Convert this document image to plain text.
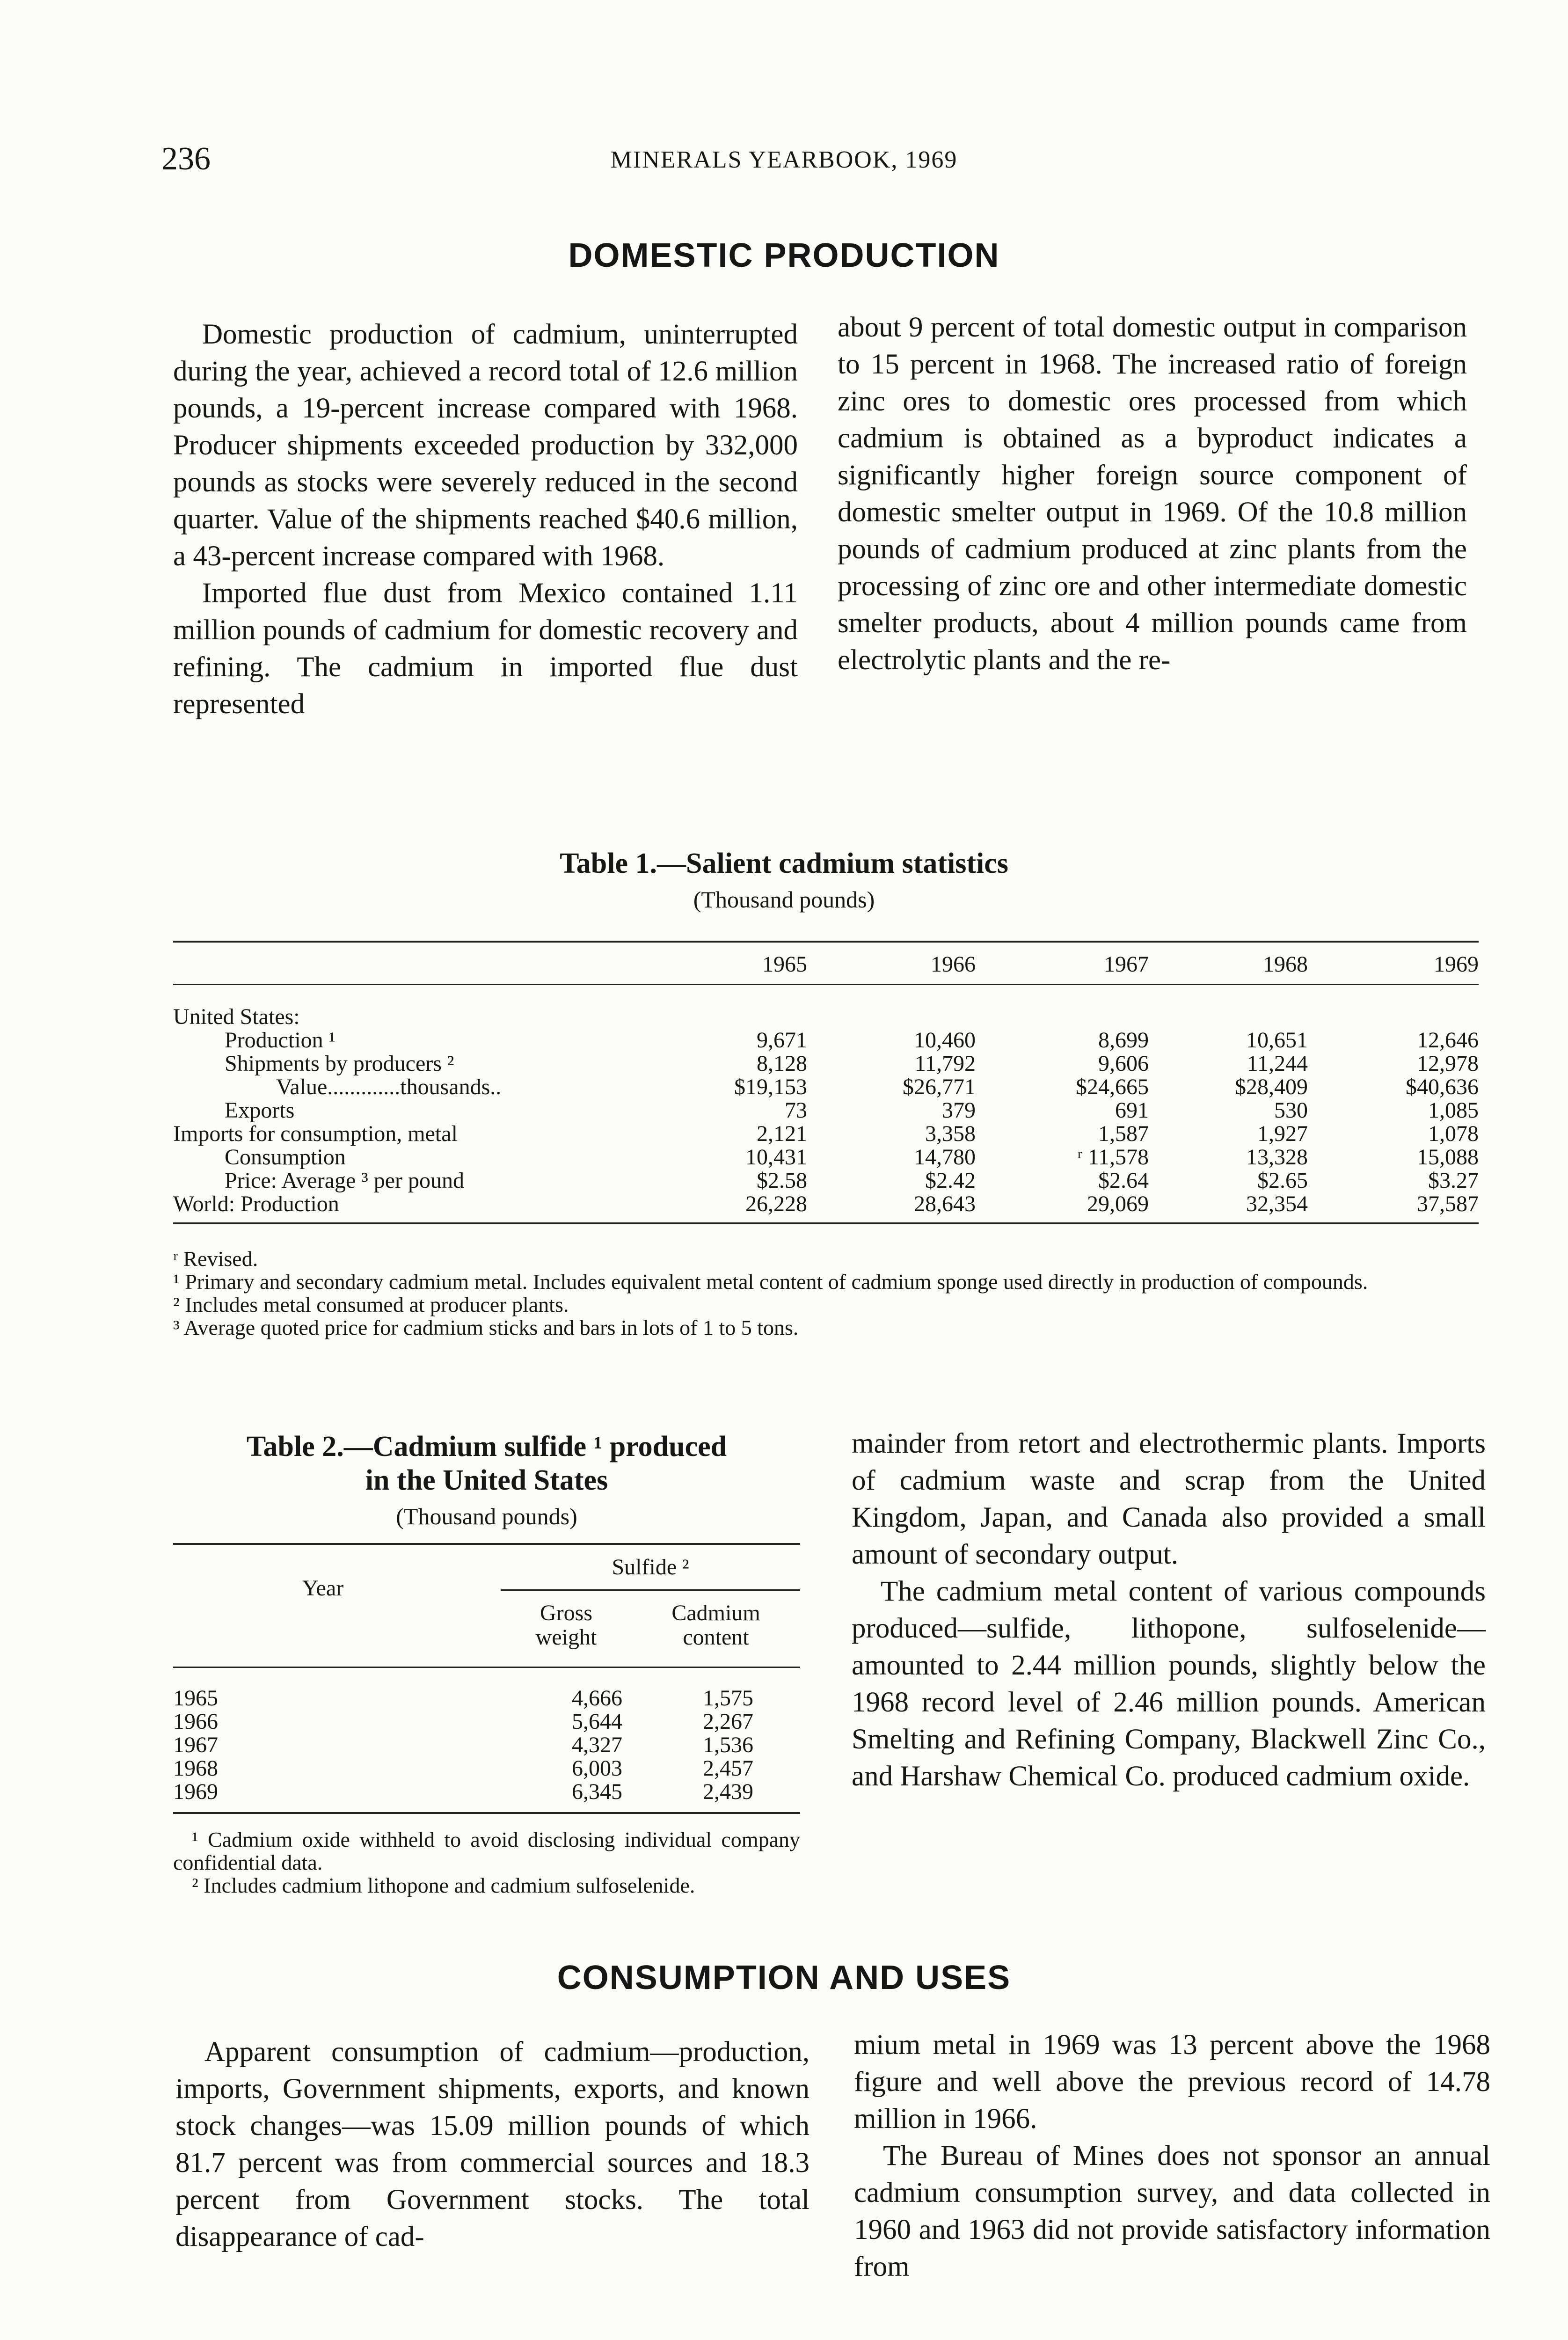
236	MINERALS YEARBOOK, 1969
DOMESTIC PRODUCTION

Domestic production of cadmium, uninterrupted during the year, achieved a record total of 12.6 million pounds, a 19-percent increase compared with 1968. Producer shipments exceeded production by 332,000 pounds as stocks were severely reduced in the second quarter. Value of the shipments reached $40.6 million, a 43-percent increase compared with 1968.

Imported flue dust from Mexico contained 1.11 million pounds of cadmium for domestic recovery and refining. The cadmium in imported flue dust represented

about 9 percent of total domestic output in comparison to 15 percent in 1968. The increased ratio of foreign zinc ores to domestic ores processed from which cadmium is obtained as a byproduct indicates a significantly higher foreign source component of domestic smelter output in 1969. Of the 10.8 million pounds of cadmium produced at zinc plants from the processing of zinc ore and other intermediate domestic smelter products, about 4 million pounds came from electrolytic plants and the re-

Table 1.—Salient cadmium statistics
(Thousand pounds)
	1965	1966	1967	1968	1969

United States:					
Production ¹	9,671	10,460	8,699	10,651	12,646
Shipments by producers ²	8,128	11,792	9,606	11,244	12,978
Value.............thousands..	$19,153	$26,771	$24,665	$28,409	$40,636
Exports	73	379	691	530	1,085
Imports for consumption, metal	2,121	3,358	1,587	1,927	1,078
Consumption	10,431	14,780	ʳ 11,578	13,328	15,088
Price: Average ³ per pound	$2.58	$2.42	$2.64	$2.65	$3.27
World: Production	26,228	28,643	29,069	32,354	37,587

ʳ Revised.

¹ Primary and secondary cadmium metal. Includes equivalent metal content of cadmium sponge used directly in production of compounds.

² Includes metal consumed at producer plants.

³ Average quoted price for cadmium sticks and bars in lots of 1 to 5 tons.

Table 2.—Cadmium sulfide ¹ produced
in the United States
(Thousand pounds)
Year
Sulfide ²
Gross weight
Cadmium content
1965	4,666	1,575	
1966	5,644	2,267	
1967	4,327	1,536	
1968	6,003	2,457	
1969	6,345	2,439	

¹ Cadmium oxide withheld to avoid disclosing individual company confidential data.

² Includes cadmium lithopone and cadmium sulfoselenide.

mainder from retort and electrothermic plants. Imports of cadmium waste and scrap from the United Kingdom, Japan, and Canada also provided a small amount of secondary output.

The cadmium metal content of various compounds produced—sulfide, lithopone, sulfoselenide—amounted to 2.44 million pounds, slightly below the 1968 record level of 2.46 million pounds. American Smelting and Refining Company, Blackwell Zinc Co., and Harshaw Chemical Co. produced cadmium oxide.

CONSUMPTION AND USES

Apparent consumption of cadmium—production, imports, Government shipments, exports, and known stock changes—was 15.09 million pounds of which 81.7 percent was from commercial sources and 18.3 percent from Government stocks. The total disappearance of cad-

mium metal in 1969 was 13 percent above the 1968 figure and well above the previous record of 14.78 million in 1966.

The Bureau of Mines does not sponsor an annual cadmium consumption survey, and data collected in 1960 and 1963 did not provide satisfactory information from
